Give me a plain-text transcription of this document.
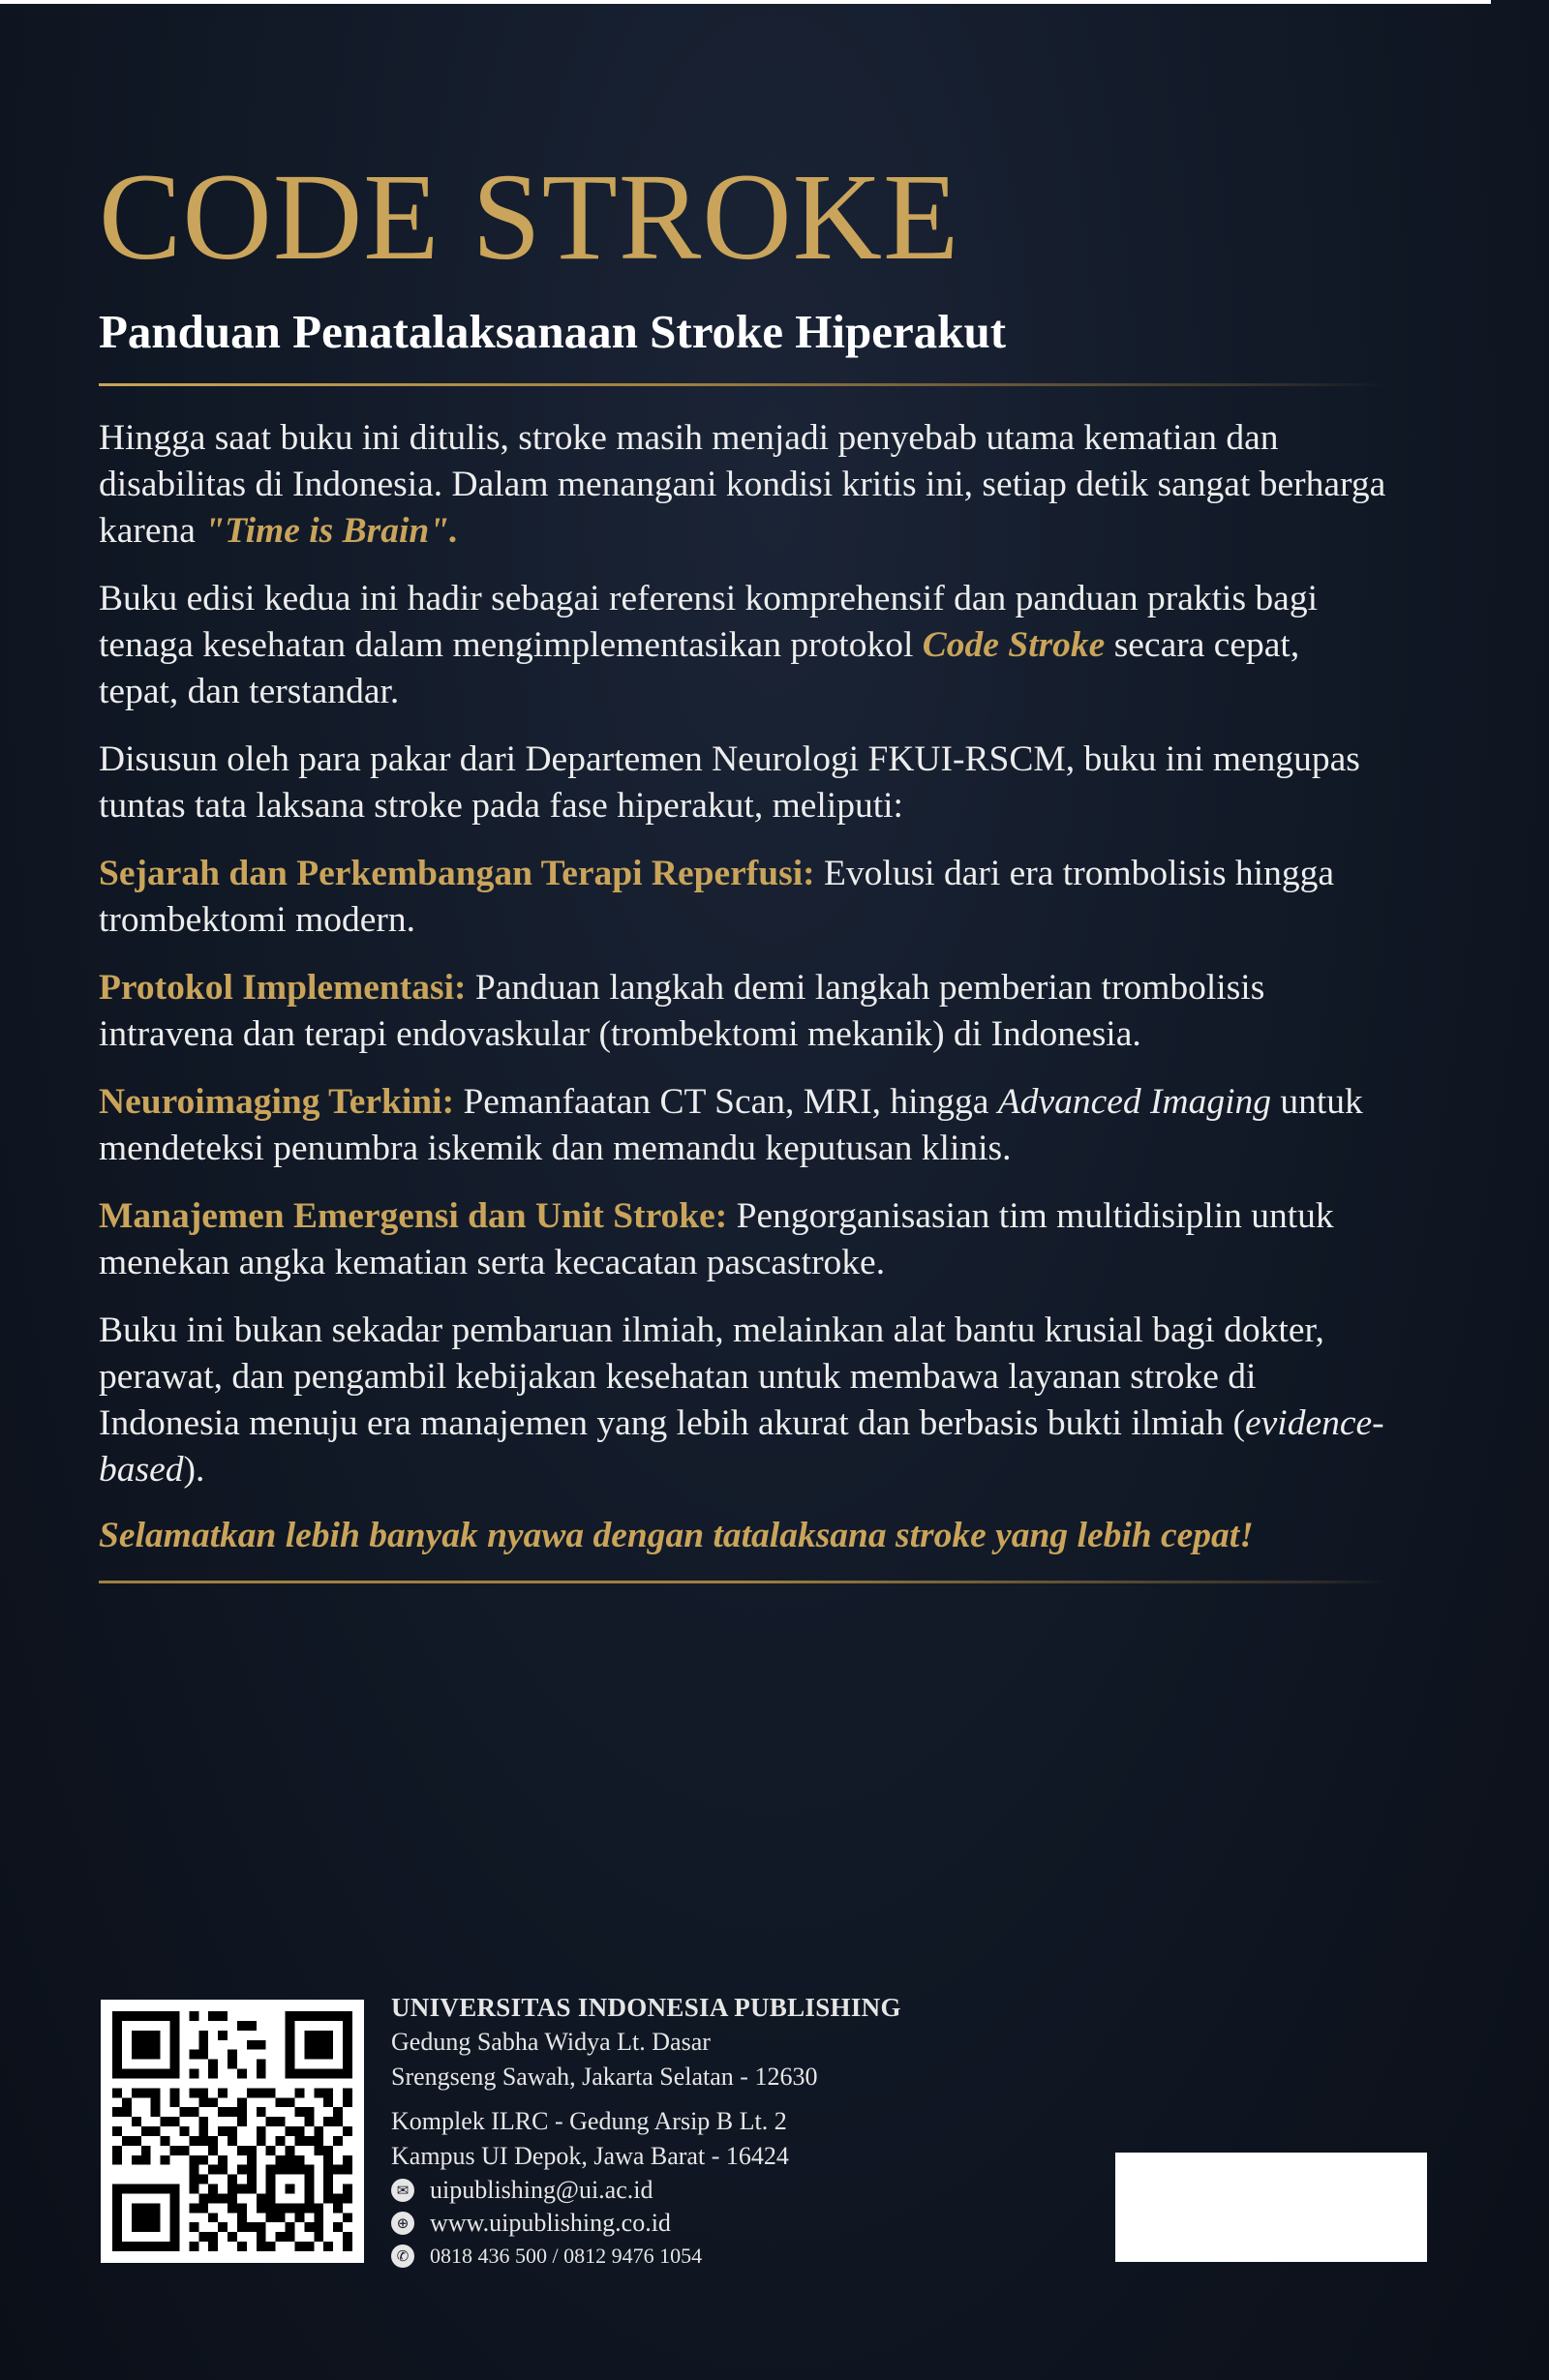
CODE STROKE
Panduan Penatalaksanaan Stroke Hiperakut

Hingga saat buku ini ditulis, stroke masih menjadi penyebab utama kematian dan disabilitas di Indonesia. Dalam menangani kondisi kritis ini, setiap detik sangat berharga karena "Time is Brain".

Buku edisi kedua ini hadir sebagai referensi komprehensif dan panduan praktis bagi tenaga kesehatan dalam mengimplementasikan protokol Code Stroke secara cepat, tepat, dan terstandar.

Disusun oleh para pakar dari Departemen Neurologi FKUI-RSCM, buku ini mengupas tuntas tata laksana stroke pada fase hiperakut, meliputi:

Sejarah dan Perkembangan Terapi Reperfusi: Evolusi dari era trombolisis hingga trombektomi modern.

Protokol Implementasi: Panduan langkah demi langkah pemberian trombolisis intravena dan terapi endovaskular (trombektomi mekanik) di Indonesia.

Neuroimaging Terkini: Pemanfaatan CT Scan, MRI, hingga Advanced Imaging untuk mendeteksi penumbra iskemik dan memandu keputusan klinis.

Manajemen Emergensi dan Unit Stroke: Pengorganisasian tim multidisiplin untuk menekan angka kematian serta kecacatan pascastroke.

Buku ini bukan sekadar pembaruan ilmiah, melainkan alat bantu krusial bagi dokter, perawat, dan pengambil kebijakan kesehatan untuk membawa layanan stroke di Indonesia menuju era manajemen yang lebih akurat dan berbasis bukti ilmiah (evidence-based).

Selamatkan lebih banyak nyawa dengan tatalaksana stroke yang lebih cepat!
UNIVERSITAS INDONESIA PUBLISHING
Gedung Sabha Widya Lt. Dasar
Srengseng Sawah, Jakarta Selatan - 12630
Komplek ILRC - Gedung Arsip B Lt. 2
Kampus UI Depok, Jawa Barat - 16424
✉ uipublishing@ui.ac.id
⊕ www.uipublishing.co.id
✆ 0818 436 500 / 0812 9476 1054
